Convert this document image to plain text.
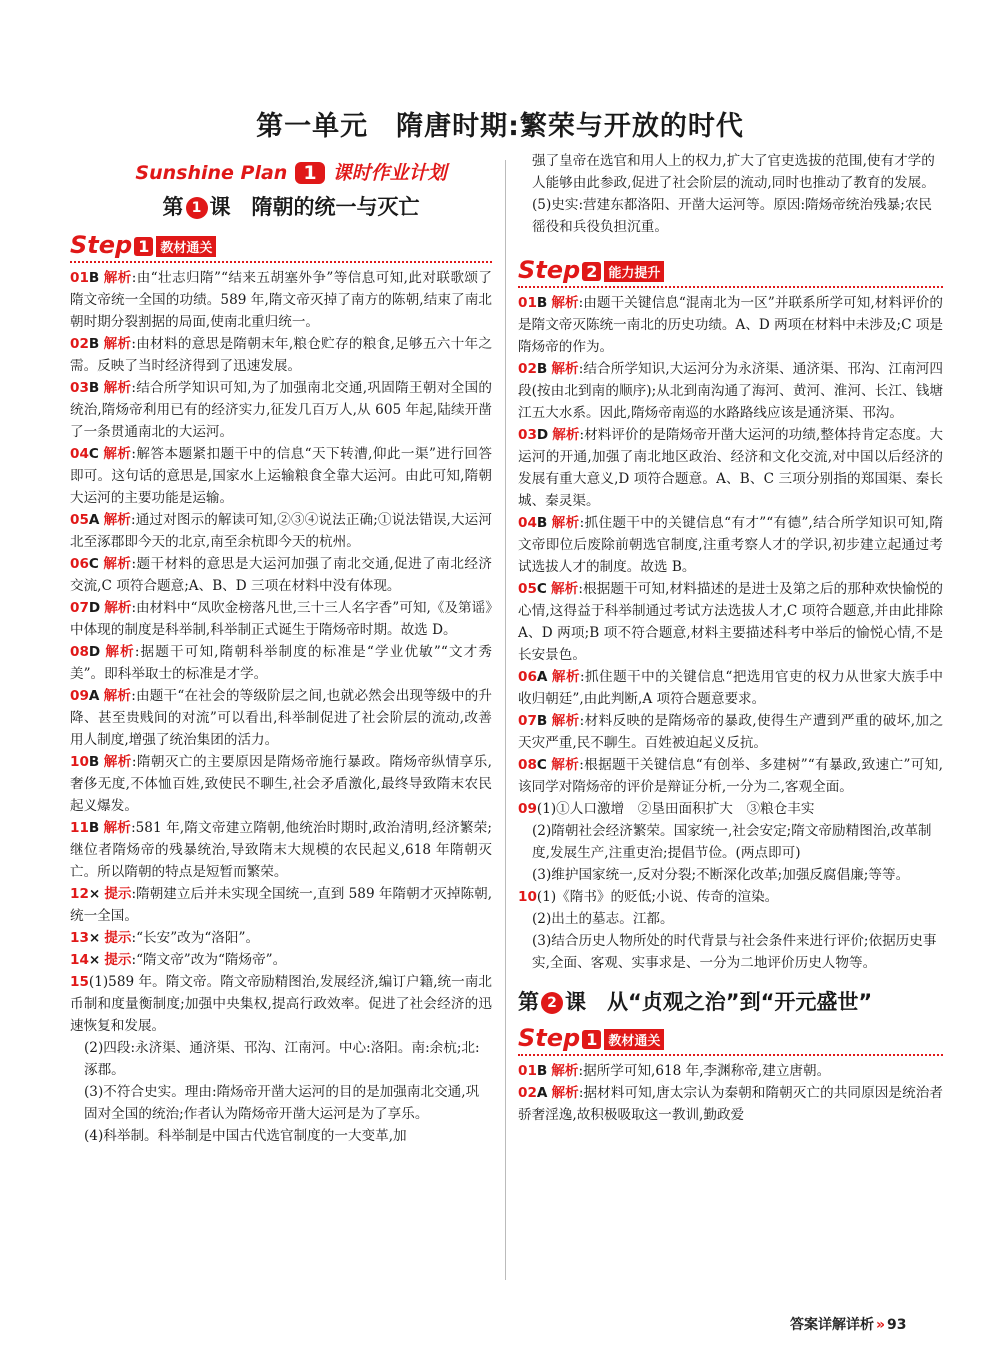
第一单元　隋唐时期:繁荣与开放的时代
Sunshine Plan 1 课时作业计划
第 1 课　隋朝的统一与灭亡
Step 1 教材通关

01B 解析:由“壮志归隋”“结来五胡塞外争”等信息可知,此对联歌颂了隋文帝统一全国的功绩。589 年,隋文帝灭掉了南方的陈朝,结束了南北朝时期分裂割据的局面,使南北重归统一。

02B 解析:由材料的意思是隋朝末年,粮仓贮存的粮食,足够五六十年之需。反映了当时经济得到了迅速发展。

03B 解析:结合所学知识可知,为了加强南北交通,巩固隋王朝对全国的统治,隋炀帝利用已有的经济实力,征发几百万人,从 605 年起,陆续开凿了一条贯通南北的大运河。

04C 解析:解答本题紧扣题干中的信息“天下转漕,仰此一渠”进行回答即可。这句话的意思是,国家水上运输粮食全靠大运河。由此可知,隋朝大运河的主要功能是运输。

05A 解析:通过对图示的解读可知,②③④说法正确;①说法错误,大运河北至涿郡即今天的北京,南至余杭即今天的杭州。

06C 解析:题干材料的意思是大运河加强了南北交通,促进了南北经济交流,C 项符合题意;A、B、D 三项在材料中没有体现。

07D 解析:由材料中“凤吹金榜落凡世,三十三人名字香”可知,《及第谣》中体现的制度是科举制,科举制正式诞生于隋炀帝时期。故选 D。

08D 解析:据题干可知,隋朝科举制度的标准是“学业优敏”“文才秀美”。即科举取士的标准是才学。

09A 解析:由题干“在社会的等级阶层之间,也就必然会出现等级中的升降、甚至贵贱间的对流”可以看出,科举制促进了社会阶层的流动,改善用人制度,增强了统治集团的活力。

10B 解析:隋朝灭亡的主要原因是隋炀帝施行暴政。隋炀帝纵情享乐,奢侈无度,不体恤百姓,致使民不聊生,社会矛盾激化,最终导致隋末农民起义爆发。

11B 解析:581 年,隋文帝建立隋朝,他统治时期时,政治清明,经济繁荣;继位者隋炀帝的残暴统治,导致隋末大规模的农民起义,618 年隋朝灭亡。所以隋朝的特点是短暂而繁荣。

12× 提示:隋朝建立后并未实现全国统一,直到 589 年隋朝才灭掉陈朝,统一全国。

13× 提示:“长安”改为“洛阳”。

14× 提示:“隋文帝”改为“隋炀帝”。

15(1)589 年。隋文帝。隋文帝励精图治,发展经济,编订户籍,统一南北币制和度量衡制度;加强中央集权,提高行政效率。促进了社会经济的迅速恢复和发展。

(2)四段:永济渠、通济渠、邗沟、江南河。中心:洛阳。南:余杭;北:涿郡。

(3)不符合史实。理由:隋炀帝开凿大运河的目的是加强南北交通,巩固对全国的统治;作者认为隋炀帝开凿大运河是为了享乐。

(4)科举制。科举制是中国古代选官制度的一大变革,加

强了皇帝在选官和用人上的权力,扩大了官吏选拔的范围,使有才学的人能够由此参政,促进了社会阶层的流动,同时也推动了教育的发展。

(5)史实:营建东都洛阳、开凿大运河等。原因:隋炀帝统治残暴;农民徭役和兵役负担沉重。

Step 2 能力提升

01B 解析:由题干关键信息“混南北为一区”并联系所学可知,材料评价的是隋文帝灭陈统一南北的历史功绩。A、D 两项在材料中未涉及;C 项是隋炀帝的作为。

02B 解析:结合所学知识,大运河分为永济渠、通济渠、邗沟、江南河四段(按由北到南的顺序);从北到南沟通了海河、黄河、淮河、长江、钱塘江五大水系。因此,隋炀帝南巡的水路路线应该是通济渠、邗沟。

03D 解析:材料评价的是隋炀帝开凿大运河的功绩,整体持肯定态度。大运河的开通,加强了南北地区政治、经济和文化交流,对中国以后经济的发展有重大意义,D 项符合题意。A、B、C 三项分别指的郑国渠、秦长城、秦灵渠。

04B 解析:抓住题干中的关键信息“有才”“有德”,结合所学知识可知,隋文帝即位后废除前朝选官制度,注重考察人才的学识,初步建立起通过考试选拔人才的制度。故选 B。

05C 解析:根据题干可知,材料描述的是进士及第之后的那种欢快愉悦的心情,这得益于科举制通过考试方法选拔人才,C 项符合题意,并由此排除 A、D 两项;B 项不符合题意,材料主要描述科考中举后的愉悦心情,不是长安景色。

06A 解析:抓住题干中的关键信息“把选用官吏的权力从世家大族手中收归朝廷”,由此判断,A 项符合题意要求。

07B 解析:材料反映的是隋炀帝的暴政,使得生产遭到严重的破坏,加之天灾严重,民不聊生。百姓被迫起义反抗。

08C 解析:根据题干关键信息“有创举、多建树”“有暴政,致速亡”可知,该同学对隋炀帝的评价是辩证分析,一分为二,客观全面。

09(1)①人口激增　②垦田面积扩大　③粮仓丰实

(2)隋朝社会经济繁荣。国家统一,社会安定;隋文帝励精图治,改革制度,发展生产,注重吏治;提倡节俭。(两点即可)

(3)维护国家统一,反对分裂;不断深化改革;加强反腐倡廉;等等。

10(1)《隋书》的贬低;小说、传奇的渲染。

(2)出土的墓志。江都。

(3)结合历史人物所处的时代背景与社会条件来进行评价;依据历史事实,全面、客观、实事求是、一分为二地评价历史人物等。

第 2 课　从“贞观之治”到“开元盛世”
Step 1 教材通关

01B 解析:据所学可知,618 年,李渊称帝,建立唐朝。

02A 解析:据材料可知,唐太宗认为秦朝和隋朝灭亡的共同原因是统治者骄奢淫逸,故积极吸取这一教训,勤政爱

答案详解详析 » 93
